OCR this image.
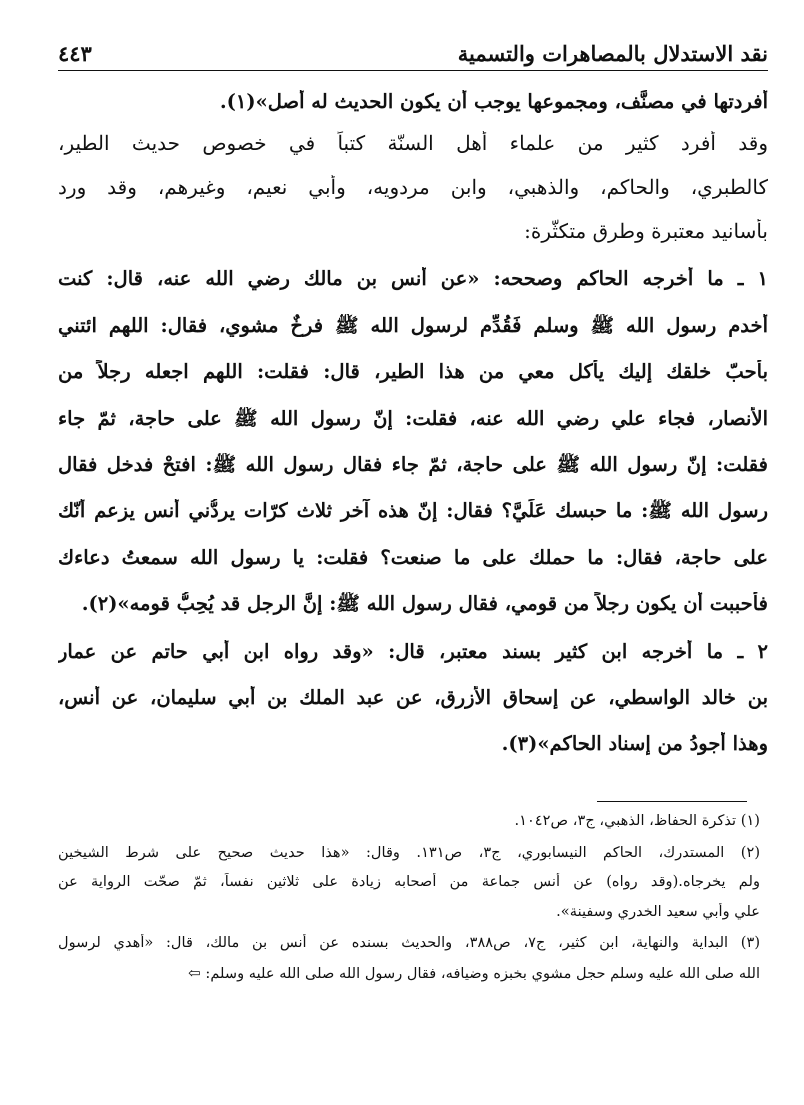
نقد الاستدلال بالمصاهرات والتسمية
٤٤٣
أفردتها في مصنَّف، ومجموعها يوجب أن يكون الحديث له أصل»(١).
وقد أفرد كثير من علماء أهل السنّة كتباً في خصوص حديث الطير،
كالطبري، والحاكم، والذهبي، وابن مردويه، وأبي نعيم، وغيرهم، وقد ورد
بأسانيد معتبرة وطرق متكثّرة:
١ ـ ما أخرجه الحاكم وصححه: «عن أنس بن مالك رضي الله عنه، قال: كنت
أخدم رسول الله ﷺ وسلم فَقُدِّم لرسول الله ﷺ فرخٌ مشوي، فقال: اللهم ائتني
بأحبّ خلقك إليك يأكل معي من هذا الطير، قال: فقلت: اللهم اجعله رجلاً من
الأنصار، فجاء علي رضي الله عنه، فقلت: إنّ رسول الله ﷺ على حاجة، ثمّ جاء
فقلت: إنّ رسول الله ﷺ على حاجة، ثمّ جاء فقال رسول الله ﷺ: افتحْ فدخل فقال
رسول الله ﷺ: ما حبسك عَلَيَّ؟ فقال: إنّ هذه آخر ثلاث كرّات يردُّني أنس يزعم أنّك
على حاجة، فقال: ما حملك على ما صنعت؟ فقلت: يا رسول الله سمعتُ دعاءك
فأحببت أن يكون رجلاً من قومي، فقال رسول الله ﷺ: إنَّ الرجل قد يُحِبُّ قومه»(٢).
٢ ـ ما أخرجه ابن كثير بسند معتبر، قال: «وقد رواه ابن أبي حاتم عن عمار
بن خالد الواسطي، عن إسحاق الأزرق، عن عبد الملك بن أبي سليمان، عن أنس،
وهذا أجودُ من إسناد الحاكم»(٣).
(١) تذكرة الحفاظ، الذهبي، ج٣، ص١٠٤٢.
(٢) المستدرك، الحاكم النيسابوري، ج٣، ص١٣١. وقال: «هذا حديث صحيح على شرط الشيخين
ولم يخرجاه.(وقد رواه) عن أنس جماعة من أصحابه زيادة على ثلاثين نفساً، ثمّ صحّت الرواية عن
علي وأبي سعيد الخدري وسفينة».
(٣) البداية والنهاية، ابن كثير، ج٧، ص٣٨٨، والحديث بسنده عن أنس بن مالك، قال: «أهدي لرسول
الله صلى الله عليه وسلم حجل مشوي بخبزه وضيافه، فقال رسول الله صلى الله عليه وسلم: ⇨
